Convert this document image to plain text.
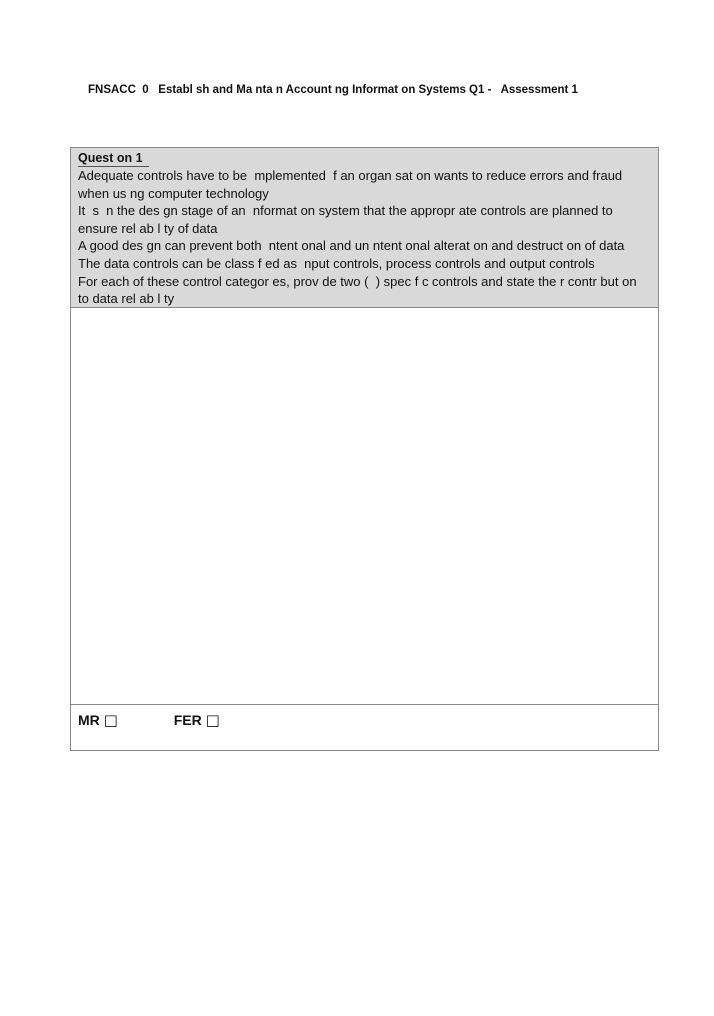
FNSACC  0   Establ sh and Ma nta n Account ng Informat on Systems Q1 -   Assessment 1
Quest on 1
Adequate controls have to be  mplemented  f an organ sat on wants to reduce errors and fraud
when us ng computer technology
It  s  n the des gn stage of an  nformat on system that the appropr ate controls are planned to
ensure rel ab l ty of data
A good des gn can prevent both  ntent onal and un ntent onal alterat on and destruct on of data
The data controls can be class f ed as  nput controls, process controls and output controls
For each of these control categor es, prov de two (  ) spec f c controls and state the r contr but on
to data rel ab l ty
MR □	FER □
